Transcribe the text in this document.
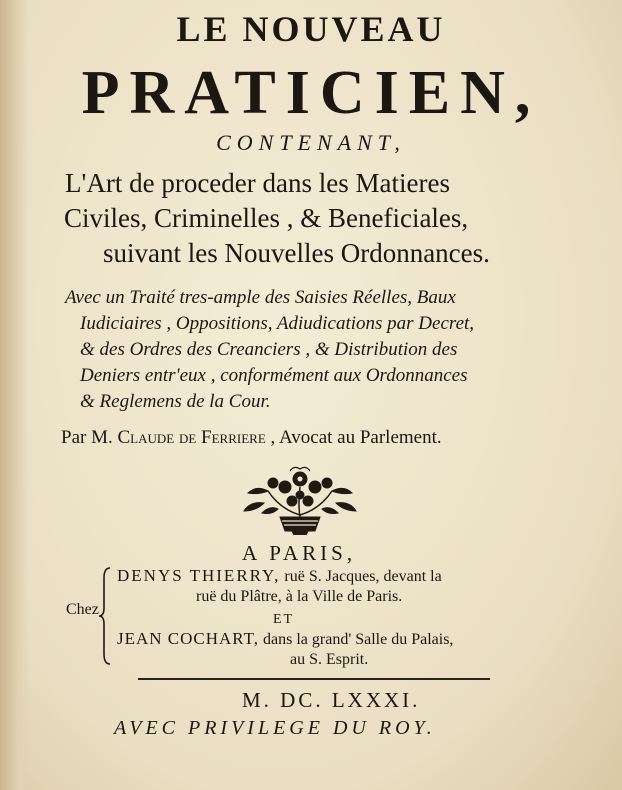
LE NOUVEAU
PRATICIEN,
CONTENANT,
L'Art de proceder dans les Matieres
Civiles, Criminelles , & Beneficiales,
suivant les Nouvelles Ordonnances.
Avec un Traité tres-ample des Saisies Réelles, Baux
Iudiciaires , Oppositions, Adiudications par Decret,
& des Ordres des Creanciers , & Distribution des
Deniers entr'eux , conformément aux Ordonnances
& Reglemens de la Cour.
Par M. Claude de Ferriere , Avocat au Parlement.
A PARIS,
Chez
DENYS THIERRY, ruë S. Jacques, devant la
ruë du Plâtre, à la Ville de Paris.
ET
JEAN COCHART, dans la grand' Salle du Palais,
au S. Esprit.
M. DC. LXXXI.
AVEC PRIVILEGE DU ROY.
